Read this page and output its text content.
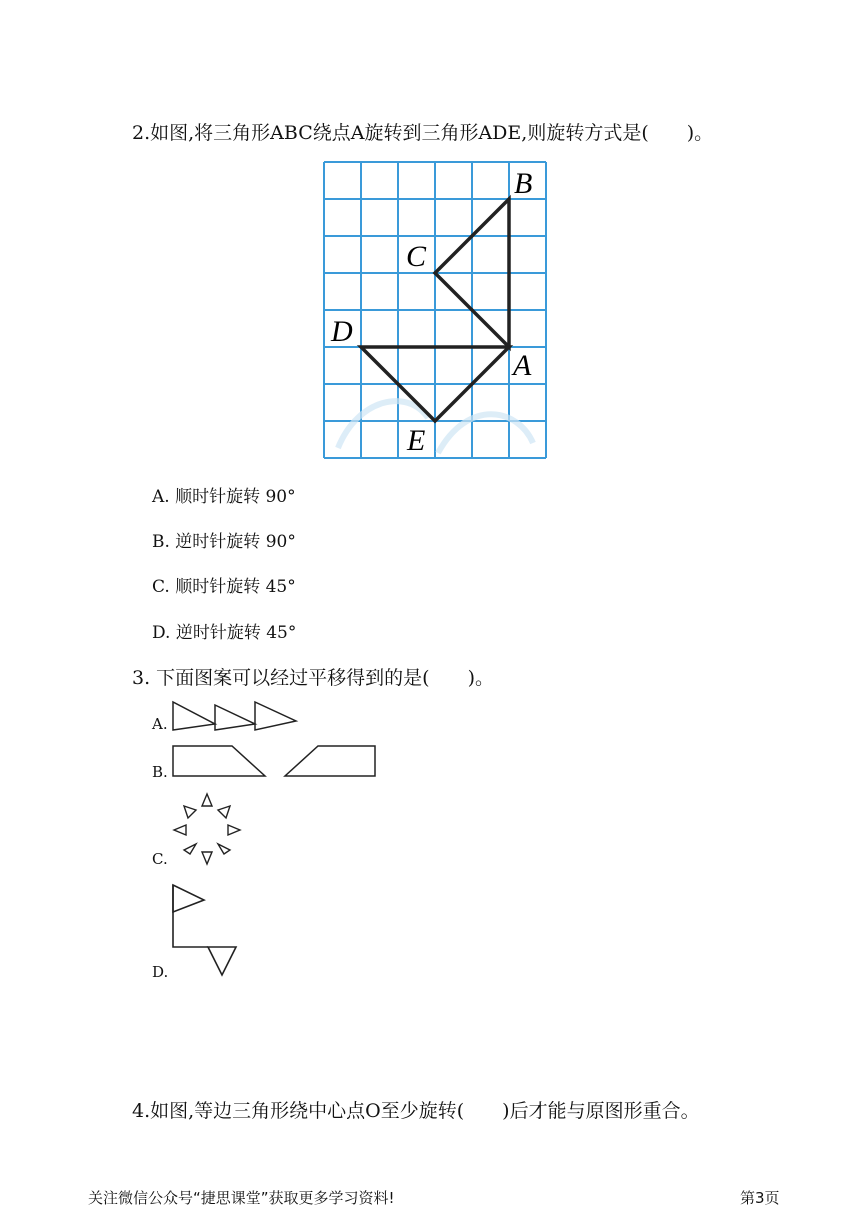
2.如图,将三角形ABC绕点A旋转到三角形ADE,则旋转方式是(　　)。
B
C
D
A
E
A. 顺时针旋转 90°
B. 逆时针旋转 90°
C. 顺时针旋转 45°
D. 逆时针旋转 45°
3. 下面图案可以经过平移得到的是(　　)。
A.
B.
C.
D.
4.如图,等边三角形绕中心点O至少旋转(　　)后才能与原图形重合。
关注微信公众号“捷思课堂”获取更多学习资料!	第3页
